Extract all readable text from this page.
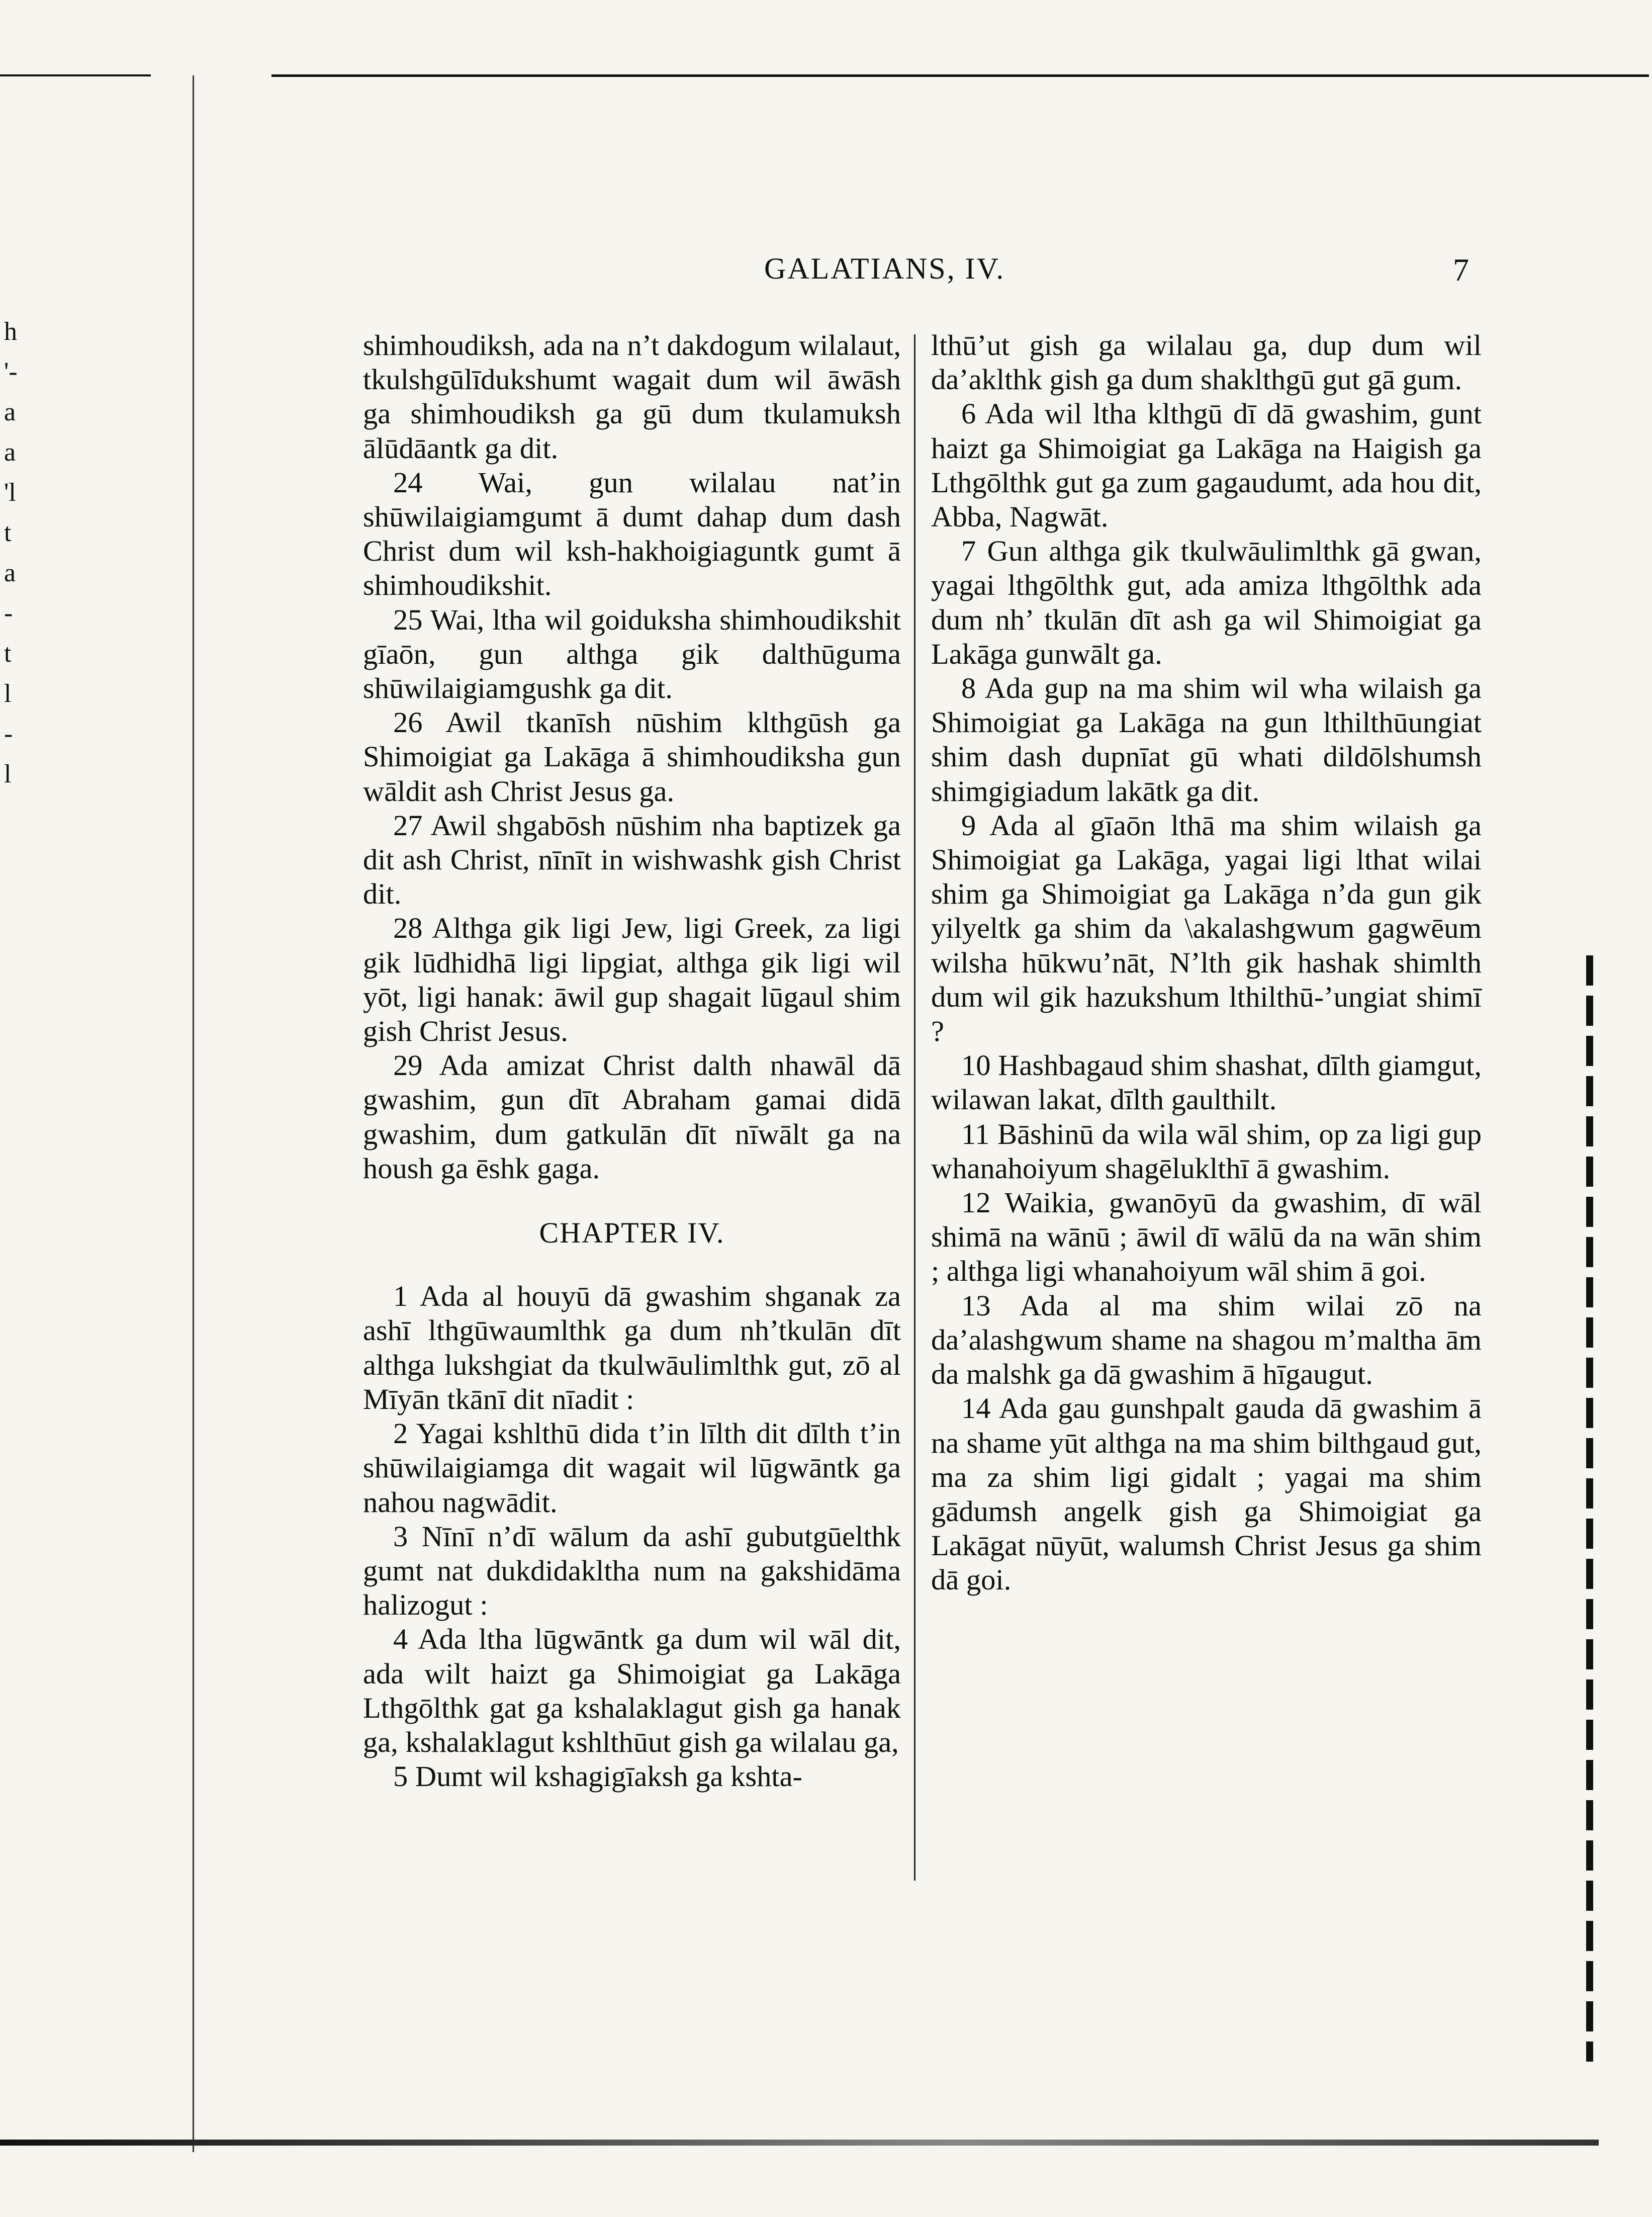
h
'-
a
a
'l
t
a
-
t
l
-
l
GALATIANS, IV.	7

shimhoudiksh, ada na n’t dakdogum wilalaut, tkulshgūlīdukshumt wagait dum wil āwāsh ga shimhoudiksh ga gū dum tkulamuksh ālūdāantk ga dit.

24 Wai, gun wilalau nat’in shūwilaigiamgumt ā dumt dahap dum dash Christ dum wil ksh-hakhoigiaguntk gumt ā shimhoudikshit.

25 Wai, ltha wil goiduksha shimhoudikshit gīaōn, gun althga gik dalthūguma shūwilaigiamgushk ga dit.

26 Awil tkanīsh nūshim klthgūsh ga Shimoigiat ga Lakāga ā shimhoudiksha gun wāldit ash Christ Jesus ga.

27 Awil shgabōsh nūshim nha baptizek ga dit ash Christ, nīnīt in wishwashk gish Christ dit.

28 Althga gik ligi Jew, ligi Greek, za ligi gik lūdhidhā ligi lipgiat, althga gik ligi wil yōt, ligi hanak: āwil gup shagait lūgaul shim gish Christ Jesus.

29 Ada amizat Christ dalth nhawāl dā gwashim, gun dīt Abraham gamai didā gwashim, dum gatkulān dīt nīwālt ga na housh ga ēshk gaga.

CHAPTER IV.

1 Ada al houyū dā gwashim shganak za ashī lthgūwaumlthk ga dum nh’tkulān dīt althga lukshgiat da tkulwāulimlthk gut, zō al Mīyān tkānī dit nīadit :

2 Yagai kshlthū dida t’in līlth dit dīlth t’in shūwilaigiamga dit wagait wil lūgwāntk ga nahou nagwādit.

3 Nīnī n’dī wālum da ashī gubutgūelthk gumt nat dukdidakltha num na gakshidāma halizogut :

4 Ada ltha lūgwāntk ga dum wil wāl dit, ada wilt haizt ga Shimoigiat ga Lakāga Lthgōlthk gat ga kshalaklagut gish ga hanak ga, kshalaklagut kshlthūut gish ga wilalau ga,

5 Dumt wil kshagigīaksh ga kshta-

lthū’ut gish ga wilalau ga, dup dum wil da’aklthk gish ga dum shaklthgū gut gā gum.

6 Ada wil ltha klthgū dī dā gwashim, gunt haizt ga Shimoigiat ga Lakāga na Haigish ga Lthgōlthk gut ga zum gagaudumt, ada hou dit, Abba, Nagwāt.

7 Gun althga gik tkulwāulimlthk gā gwan, yagai lthgōlthk gut, ada amiza lthgōlthk ada dum nh’ tkulān dīt ash ga wil Shimoigiat ga Lakāga gunwālt ga.

8 Ada gup na ma shim wil wha wilaish ga Shimoigiat ga Lakāga na gun lthilthūungiat shim dash dupnīat gū whati dildōlshumsh shimgigiadum lakātk ga dit.

9 Ada al gīaōn lthā ma shim wilaish ga Shimoigiat ga Lakāga, yagai ligi lthat wilai shim ga Shimoigiat ga Lakāga n’da gun gik yilyeltk ga shim da \akalashgwum gagwēum wilsha hūkwu’nāt, N’lth gik hashak shimlth dum wil gik hazukshum lthilthū-’ungiat shimī ?

10 Hashbagaud shim shashat, dīlth giamgut, wilawan lakat, dīlth gaulthilt.

11 Bāshinū da wila wāl shim, op za ligi gup whanahoiyum shagēluklthī ā gwashim.

12 Waikia, gwanōyū da gwashim, dī wāl shimā na wānū ; āwil dī wālū da na wān shim ; althga ligi whanahoiyum wāl shim ā goi.

13 Ada al ma shim wilai zō na da’alashgwum shame na shagou m’maltha ām da malshk ga dā gwashim ā hīgaugut.

14 Ada gau gunshpalt gauda dā gwashim ā na shame yūt althga na ma shim bilthgaud gut, ma za shim ligi gidalt ; yagai ma shim gādumsh angelk gish ga Shimoigiat ga Lakāgat nūyūt, walumsh Christ Jesus ga shim dā goi.
